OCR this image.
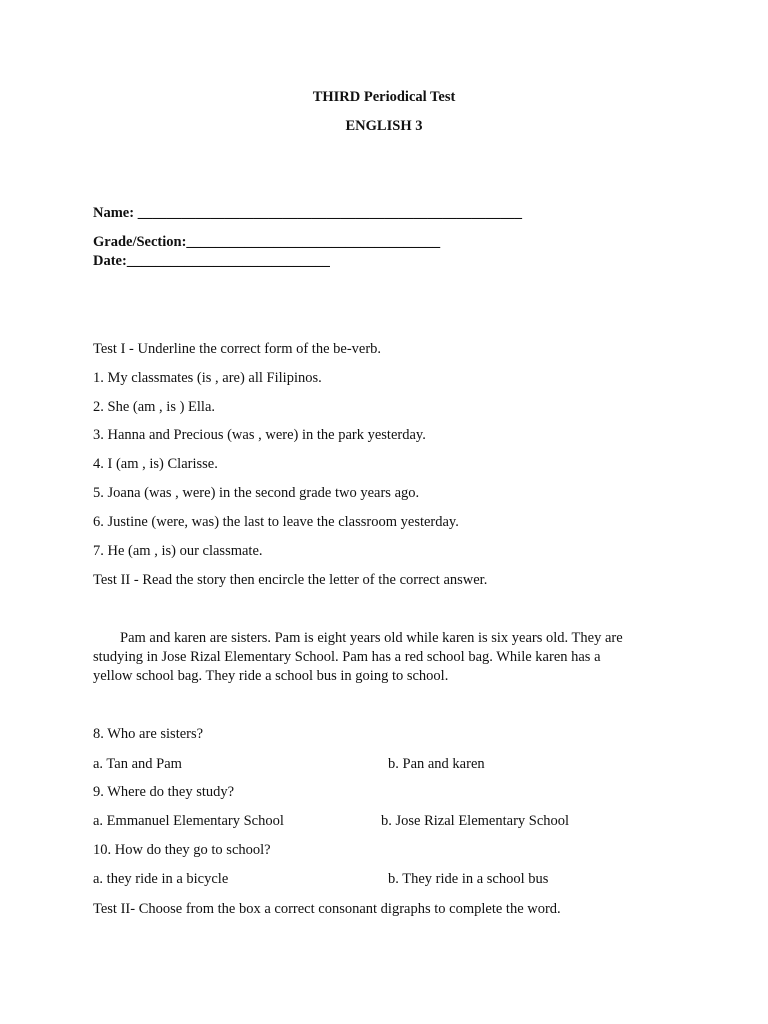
THIRD Periodical Test
ENGLISH 3
Name: _____________________________________________________
Grade/Section:___________________________________
Date:____________________________
Test I - Underline the correct form of the be-verb.
1. My classmates (is , are) all Filipinos.
2. She (am , is ) Ella.
3. Hanna and Precious (was , were) in the park yesterday.
4. I (am , is) Clarisse.
5. Joana (was , were) in the second grade two years ago.
6. Justine (were, was) the last to leave the classroom yesterday.
7. He (am , is) our classmate.
Test II - Read the story then encircle the letter of the correct answer.
Pam and karen are sisters. Pam is eight years old while karen is six years old. They are
studying in Jose Rizal Elementary School. Pam has a red school bag. While karen has a
yellow school bag. They ride a school bus in going to school.
8. Who are sisters?
a. Tan and Pam	b. Pan and karen
9. Where do they study?
a. Emmanuel Elementary School	b. Jose Rizal Elementary School
10. How do they go to school?
a. they ride in a bicycle	b. They ride in a school bus
Test II- Choose from the box a correct consonant digraphs to complete the word.
